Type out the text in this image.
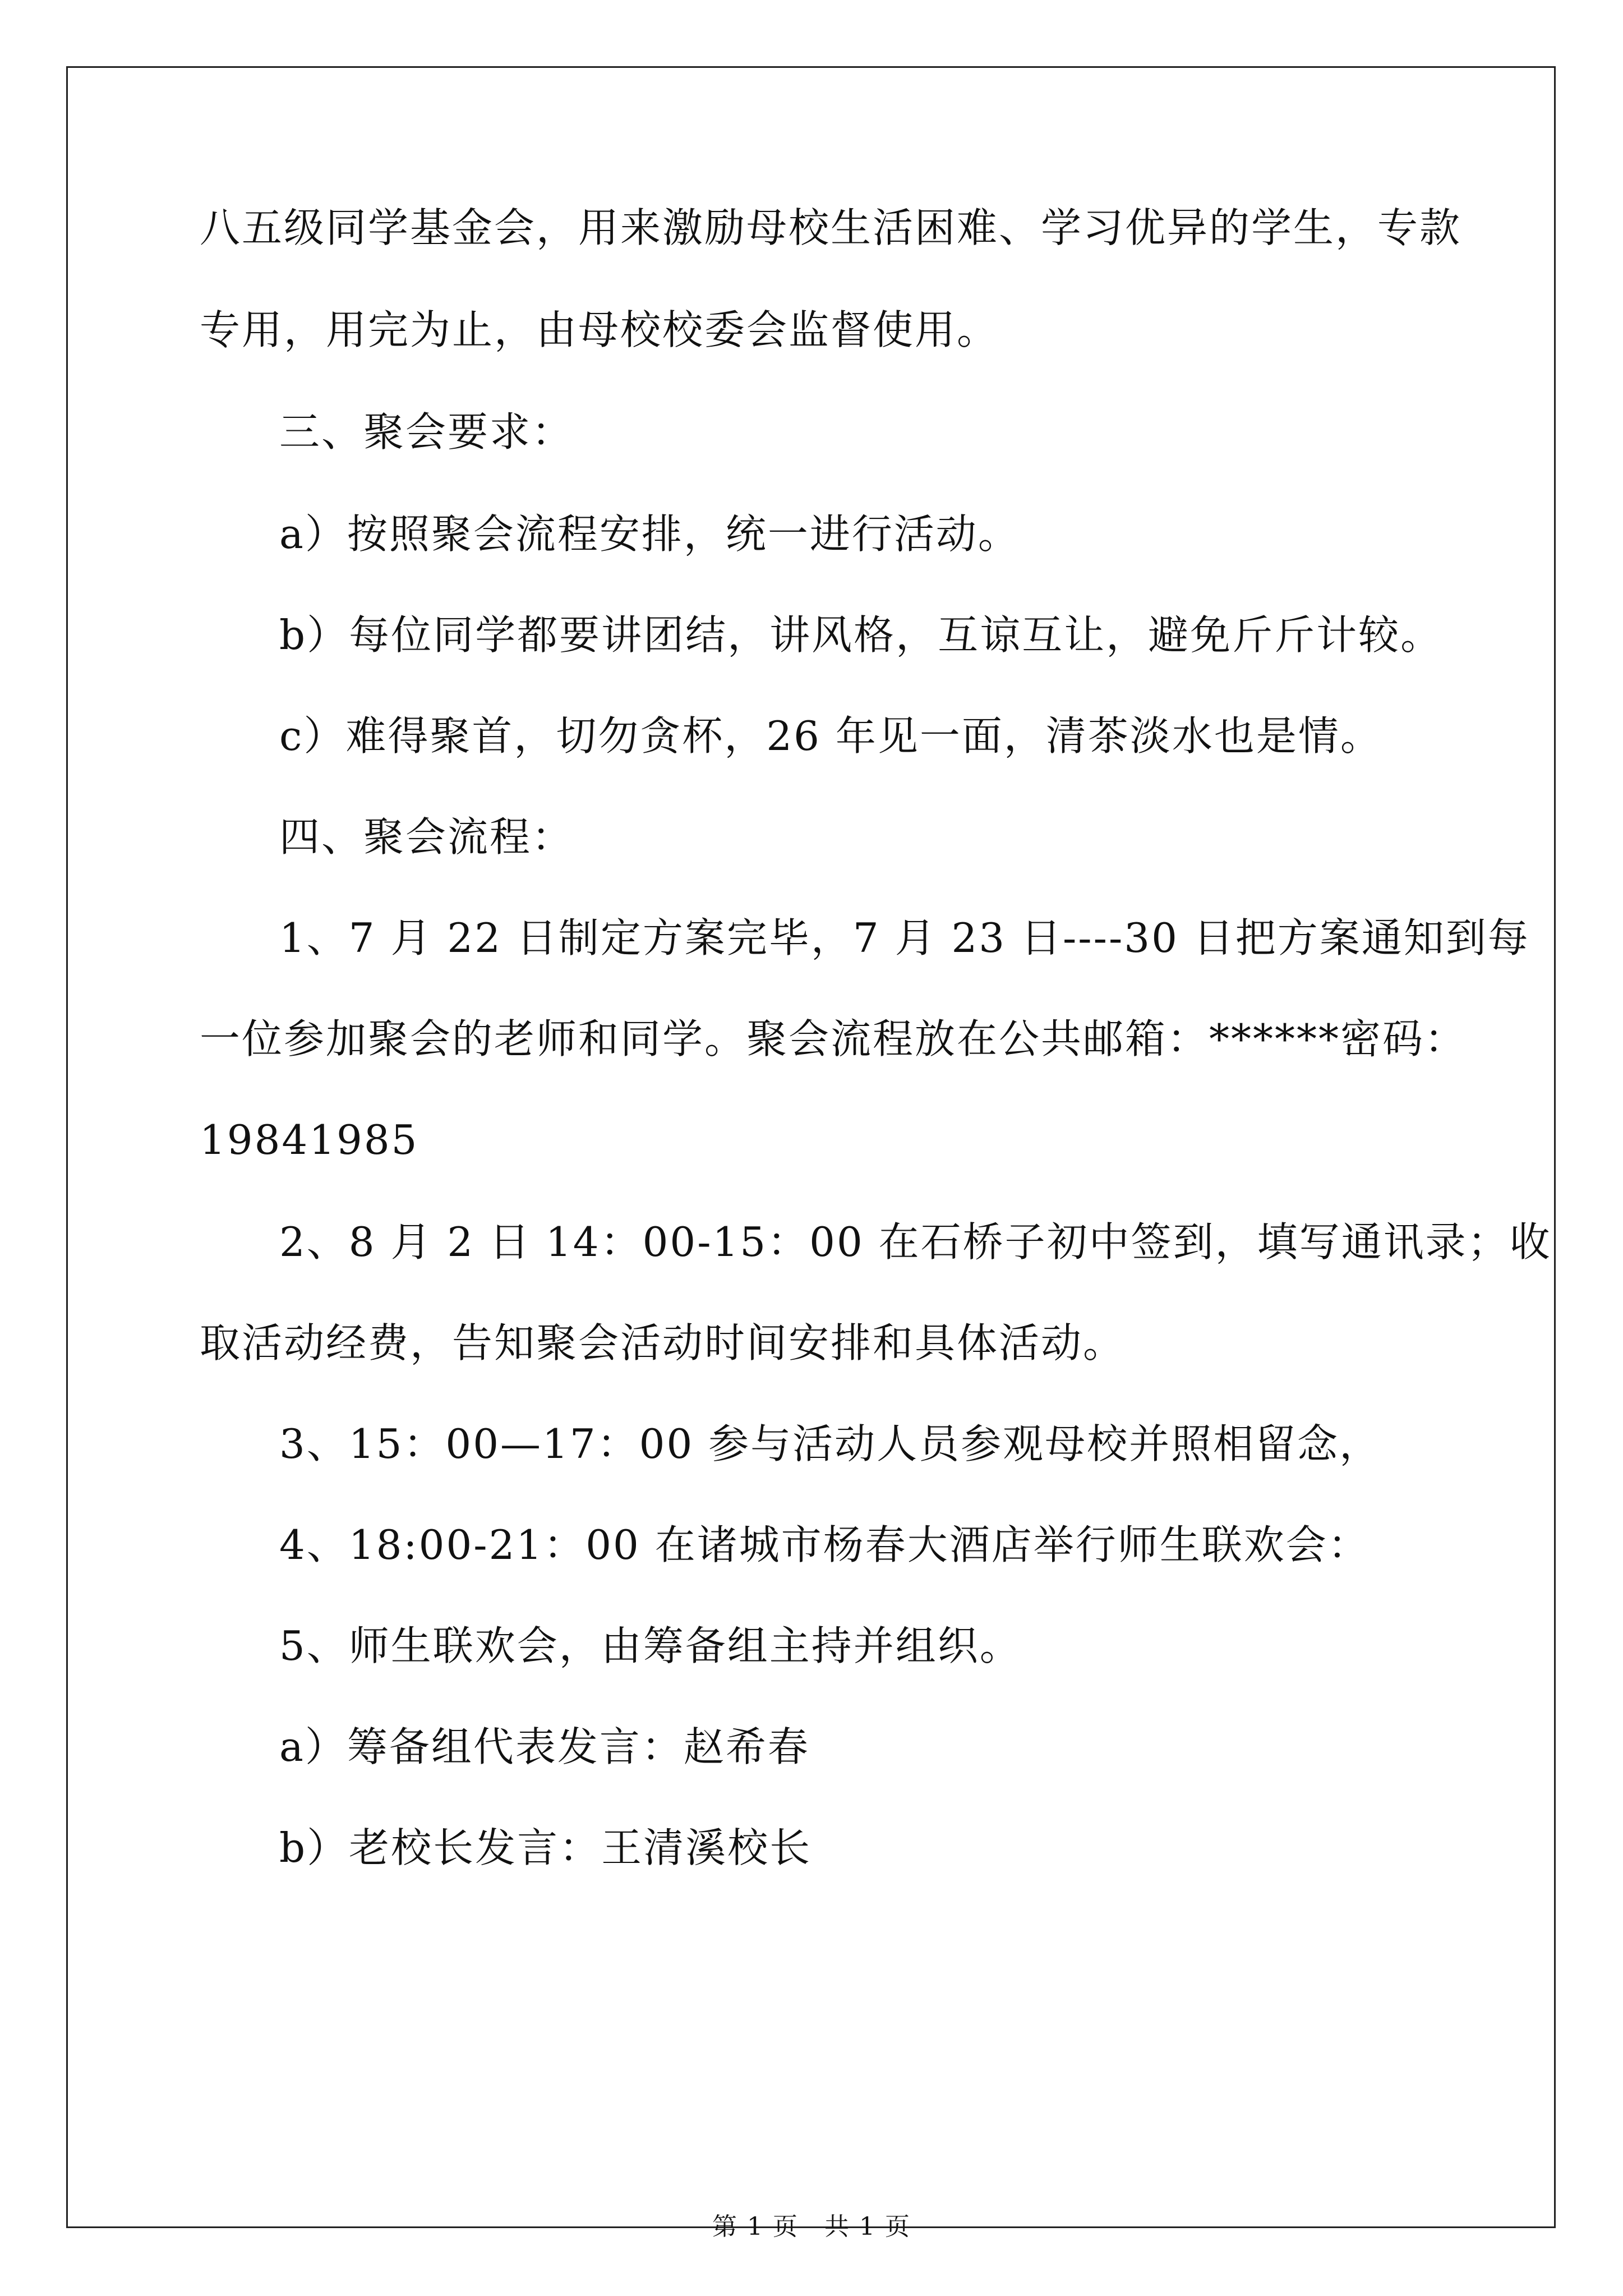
八五级同学基金会，用来激励母校生活困难、学习优异的学生，专款
专用，用完为止，由母校校委会监督使用。
三、聚会要求：
a）按照聚会流程安排，统一进行活动。
b）每位同学都要讲团结，讲风格，互谅互让，避免斤斤计较。
c）难得聚首，切勿贪杯，26 年见一面，清茶淡水也是情。
四、聚会流程：
1、7 月 22 日制定方案完毕，7 月 23 日----30 日把方案通知到每
一位参加聚会的老师和同学。聚会流程放在公共邮箱：******密码：
19841985
2、8 月 2 日 14：00-15：00 在石桥子初中签到，填写通讯录；收
取活动经费，告知聚会活动时间安排和具体活动。
3、15：00—17：00 参与活动人员参观母校并照相留念，
4、18:00-21：00 在诸城市杨春大酒店举行师生联欢会：
5、师生联欢会，由筹备组主持并组织。
a）筹备组代表发言：赵希春
b）老校长发言：王清溪校长
第 1 页　共 1 页
